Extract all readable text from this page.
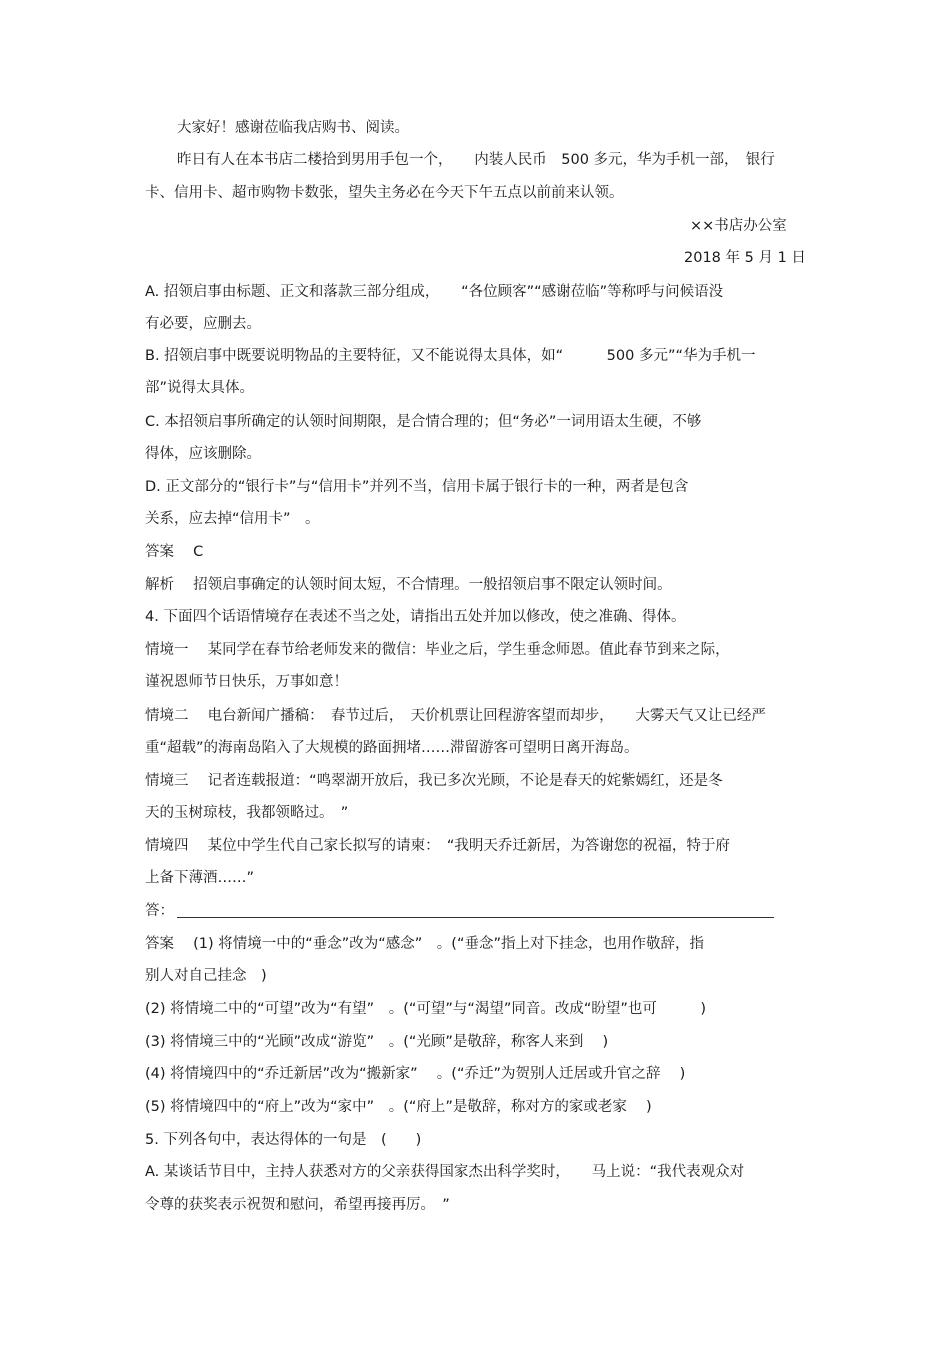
大家好！感谢莅临我店购书、阅读。
昨日有人在本书店二楼拾到男用手包一个，　　内装人民币　500 多元，华为手机一部，　银行
卡、信用卡、超市购物卡数张，望失主务必在今天下午五点以前前来认领。
××书店办公室
2018 年 5 月 1 日
A. 招领启事由标题、正文和落款三部分组成，　　“各位顾客”“感谢莅临”等称呼与问候语没
有必要，应删去。
B. 招领启事中既要说明物品的主要特征，又不能说得太具体，如“　　　500 多元”“华为手机一
部”说得太具体。
C. 本招领启事所确定的认领时间期限，是合情合理的；但“务必”一词用语太生硬，不够
得体，应该删除。
D. 正文部分的“银行卡”与“信用卡”并列不当，信用卡属于银行卡的一种，两者是包含
关系，应去掉“信用卡”　。
答案　 C
解析　 招领启事确定的认领时间太短，不合情理。一般招领启事不限定认领时间。
4. 下面四个话语情境存在表述不当之处，请指出五处并加以修改，使之准确、得体。
情境一　 某同学在春节给老师发来的微信：毕业之后，学生垂念师恩。值此春节到来之际，
谨祝恩师节日快乐，万事如意！
情境二　 电台新闻广播稿：　春节过后，　天价机票让回程游客望而却步，　　大雾天气又让已经严
重“超载”的海南岛陷入了大规模的路面拥堵……滞留游客可望明日离开海岛。
情境三　 记者连载报道：“鸣翠湖开放后，我已多次光顾，不论是春天的姹紫嫣红，还是冬
天的玉树琼枝，我都领略过。　”
情境四　 某位中学生代自己家长拟写的请柬：　“我明天乔迁新居，为答谢您的祝福，特于府
上备下薄酒……”
答：
答案　 (1) 将情境一中的“垂念”改为“感念”　。(“垂念”指上对下挂念，也用作敬辞，指
别人对自己挂念　)
(2) 将情境二中的“可望”改为“有望”　。(“可望”与“渴望”同音。改成“盼望”也可　　　)
(3) 将情境三中的“光顾”改成“游览”　。(“光顾”是敬辞，称客人来到　 )
(4) 将情境四中的“乔迁新居”改为“搬新家”　 。(“乔迁”为贺别人迁居或升官之辞　 )
(5) 将情境四中的“府上”改为“家中”　。(“府上”是敬辞，称对方的家或老家　 )
5. 下列各句中，表达得体的一句是　(　　)
A. 某谈话节目中，主持人获悉对方的父亲获得国家杰出科学奖时，　　马上说：“我代表观众对
令尊的获奖表示祝贺和慰问，希望再接再厉。　”
